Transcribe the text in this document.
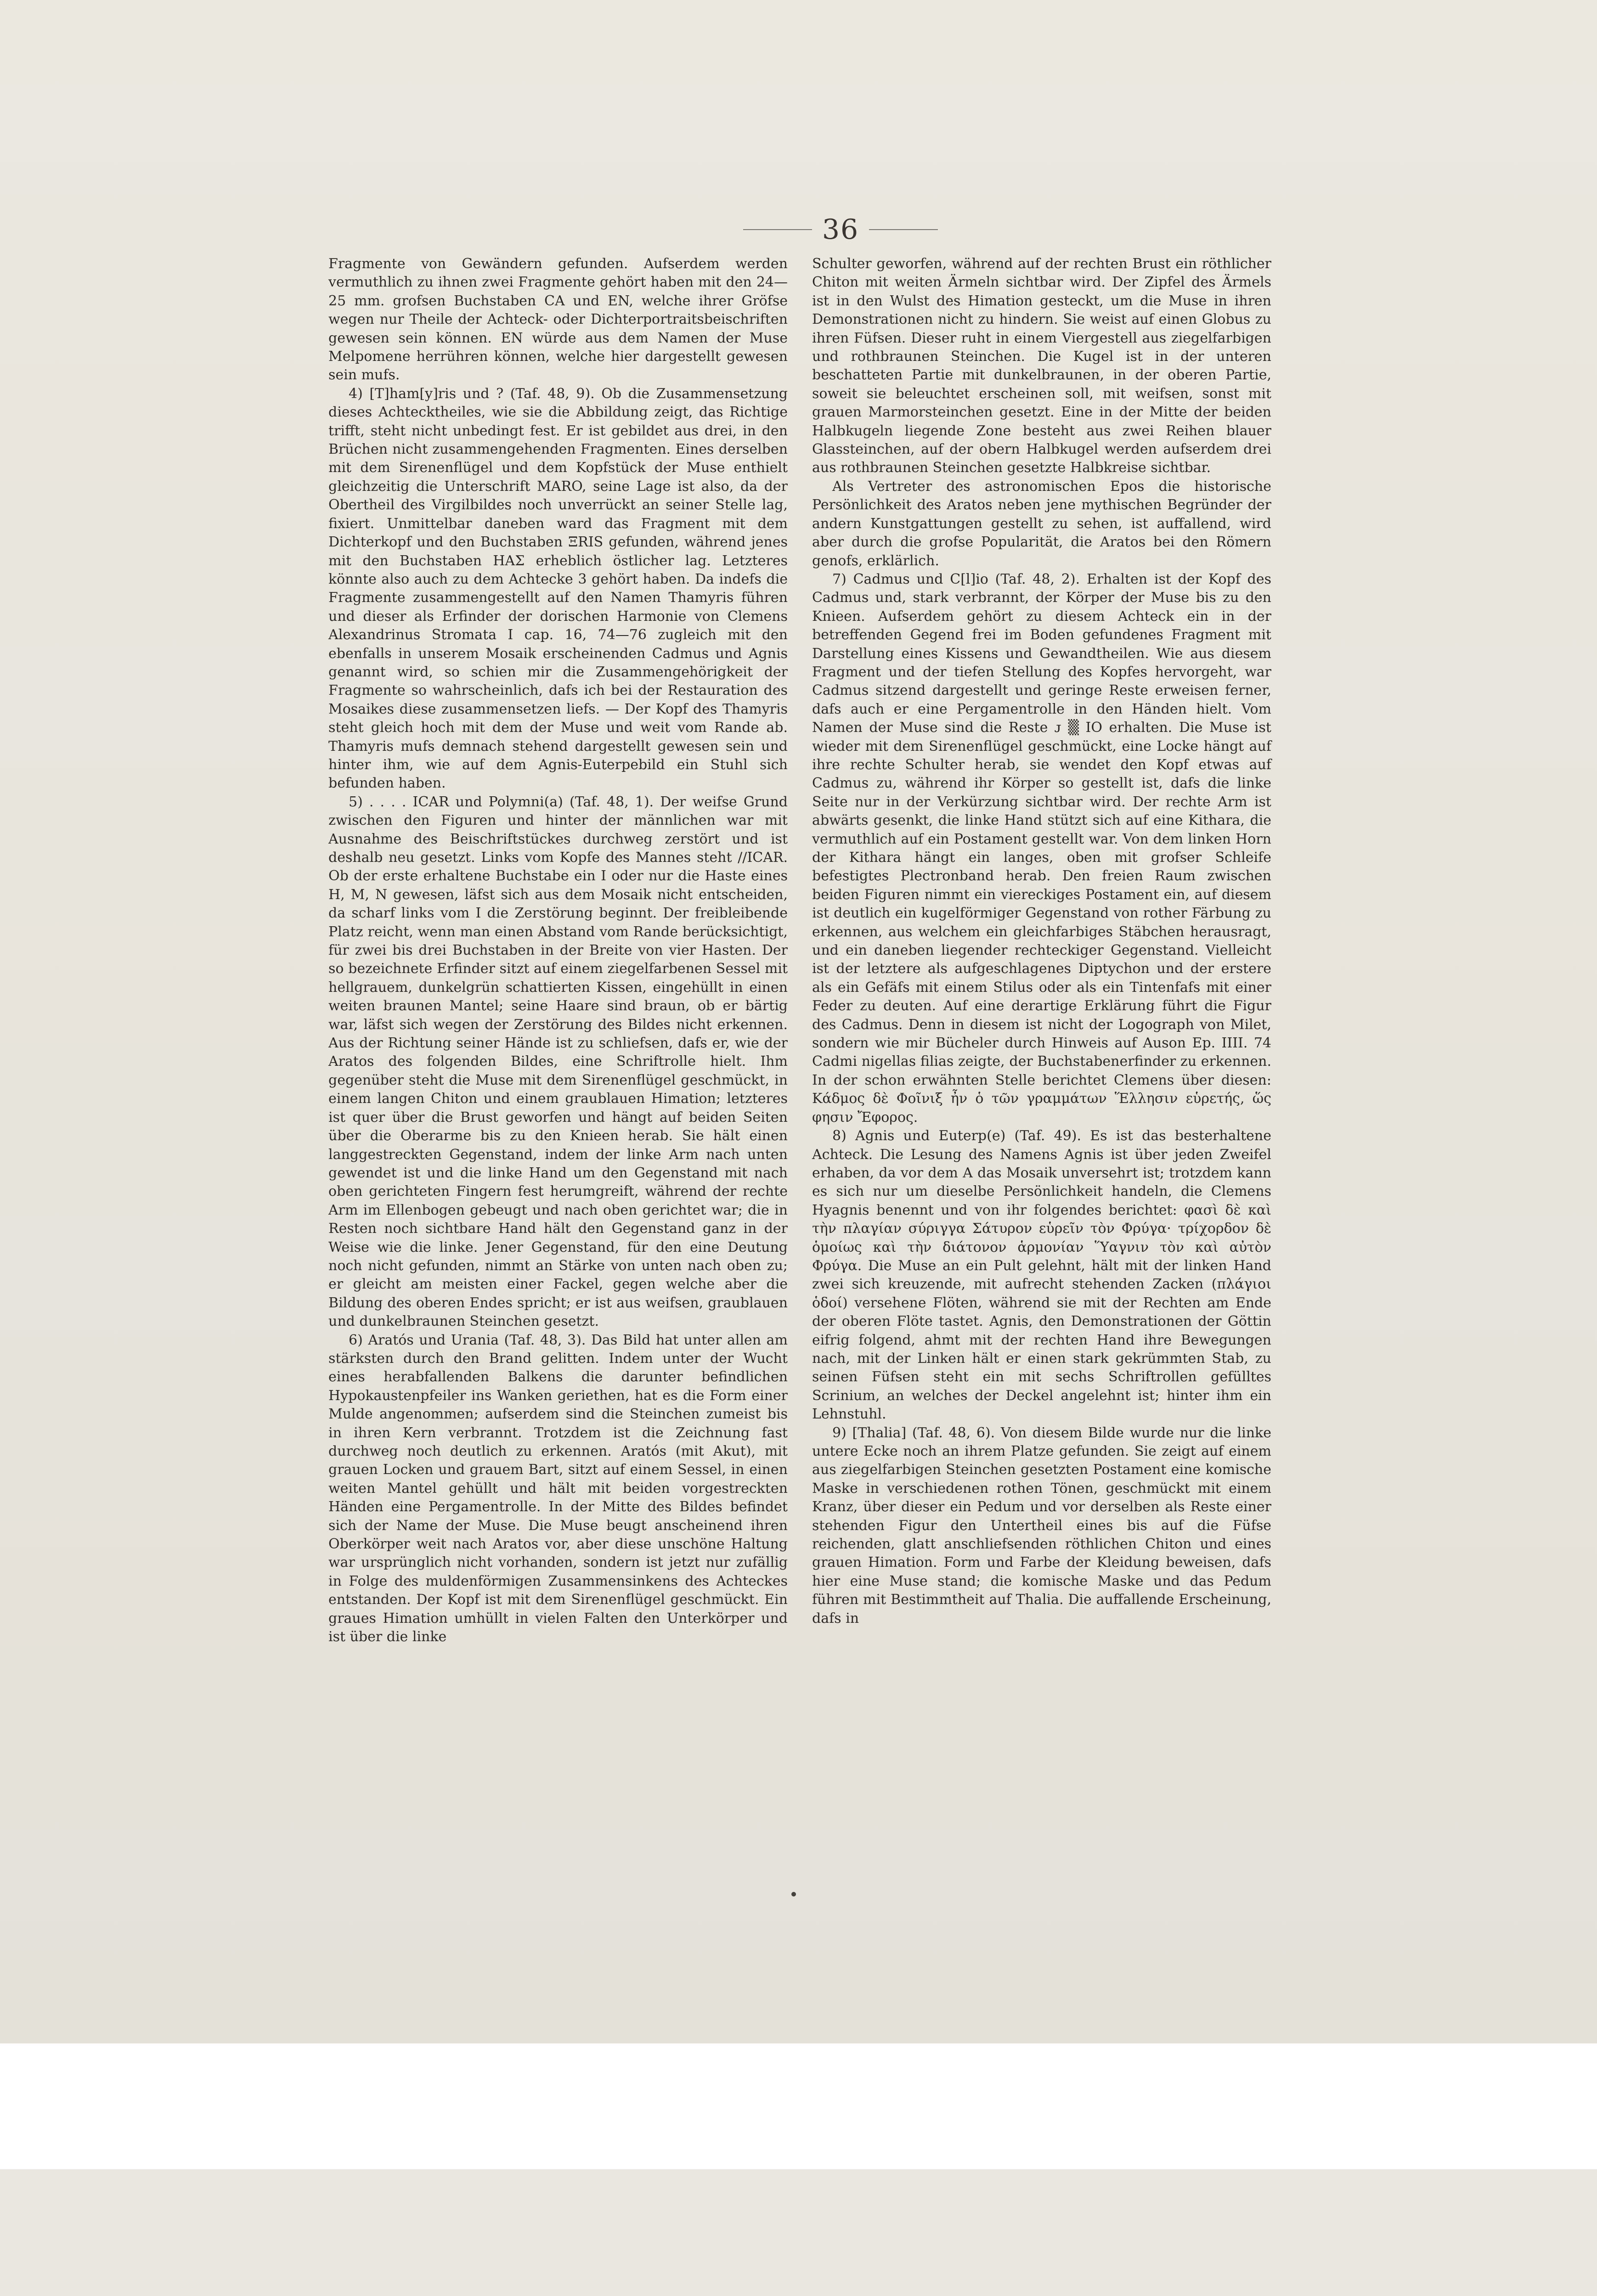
36

Fragmente von Gewändern gefunden. Aufserdem werden vermuthlich zu ihnen zwei Fragmente gehört haben mit den 24—25 mm. grofsen Buchstaben CA und EN, welche ihrer Gröfse wegen nur Theile der Achteck- oder Dichterportraitsbeischriften gewesen sein können. EN würde aus dem Namen der Muse Melpomene herrühren können, welche hier dargestellt gewesen sein mufs.

4) [T]ham[y]ris und ? (Taf. 48, 9). Ob die Zusammensetzung dieses Achtecktheiles, wie sie die Abbildung zeigt, das Richtige trifft, steht nicht unbedingt fest. Er ist gebildet aus drei, in den Brüchen nicht zusammengehenden Fragmenten. Eines derselben mit dem Sirenenflügel und dem Kopfstück der Muse enthielt gleichzeitig die Unterschrift MARO, seine Lage ist also, da der Obertheil des Virgilbildes noch unverrückt an seiner Stelle lag, fixiert. Unmittelbar daneben ward das Fragment mit dem Dichterkopf und den Buchstaben ΞRIS gefunden, während jenes mit den Buchstaben ΗΑΣ erheblich östlicher lag. Letzteres könnte also auch zu dem Achtecke 3 gehört haben. Da indefs die Fragmente zusammengestellt auf den Namen Thamyris führen und dieser als Erfinder der dorischen Harmonie von Clemens Alexandrinus Stromata I cap. 16, 74—76 zugleich mit den ebenfalls in unserem Mosaik erscheinenden Cadmus und Agnis genannt wird, so schien mir die Zusammengehörigkeit der Fragmente so wahrscheinlich, dafs ich bei der Restauration des Mosaikes diese zusammensetzen liefs. — Der Kopf des Thamyris steht gleich hoch mit dem der Muse und weit vom Rande ab. Thamyris mufs demnach stehend dargestellt gewesen sein und hinter ihm, wie auf dem Agnis-Euterpebild ein Stuhl sich befunden haben.

5) . . . . ICAR und Polymni(a) (Taf. 48, 1). Der weifse Grund zwischen den Figuren und hinter der männlichen war mit Ausnahme des Beischriftstückes durchweg zerstört und ist deshalb neu gesetzt. Links vom Kopfe des Mannes steht //ICAR. Ob der erste erhaltene Buchstabe ein I oder nur die Haste eines H, M, N gewesen, läfst sich aus dem Mosaik nicht entscheiden, da scharf links vom I die Zerstörung beginnt. Der freibleibende Platz reicht, wenn man einen Abstand vom Rande berücksichtigt, für zwei bis drei Buchstaben in der Breite von vier Hasten. Der so bezeichnete Erfinder sitzt auf einem ziegelfarbenen Sessel mit hellgrauem, dunkelgrün schattierten Kissen, eingehüllt in einen weiten braunen Mantel; seine Haare sind braun, ob er bärtig war, läfst sich wegen der Zerstörung des Bildes nicht erkennen. Aus der Richtung seiner Hände ist zu schliefsen, dafs er, wie der Aratos des folgenden Bildes, eine Schriftrolle hielt. Ihm gegenüber steht die Muse mit dem Sirenenflügel geschmückt, in einem langen Chiton und einem graublauen Himation; letzteres ist quer über die Brust geworfen und hängt auf beiden Seiten über die Oberarme bis zu den Knieen herab. Sie hält einen langgestreckten Gegenstand, indem der linke Arm nach unten gewendet ist und die linke Hand um den Gegenstand mit nach oben gerichteten Fingern fest herumgreift, während der rechte Arm im Ellenbogen gebeugt und nach oben gerichtet war; die in Resten noch sichtbare Hand hält den Gegenstand ganz in der Weise wie die linke. Jener Gegenstand, für den eine Deutung noch nicht gefunden, nimmt an Stärke von unten nach oben zu; er gleicht am meisten einer Fackel, gegen welche aber die Bildung des oberen Endes spricht; er ist aus weifsen, graublauen und dunkelbraunen Steinchen gesetzt.

6) Aratós und Urania (Taf. 48, 3). Das Bild hat unter allen am stärksten durch den Brand gelitten. Indem unter der Wucht eines herabfallenden Balkens die darunter befindlichen Hypokaustenpfeiler ins Wanken geriethen, hat es die Form einer Mulde angenommen; aufserdem sind die Steinchen zumeist bis in ihren Kern verbrannt. Trotzdem ist die Zeichnung fast durchweg noch deutlich zu erkennen. Aratós (mit Akut), mit grauen Locken und grauem Bart, sitzt auf einem Sessel, in einen weiten Mantel gehüllt und hält mit beiden vorgestreckten Händen eine Pergamentrolle. In der Mitte des Bildes befindet sich der Name der Muse. Die Muse beugt anscheinend ihren Oberkörper weit nach Aratos vor, aber diese unschöne Haltung war ursprünglich nicht vorhanden, sondern ist jetzt nur zufällig in Folge des muldenförmigen Zusammensinkens des Achteckes entstanden. Der Kopf ist mit dem Sirenenflügel geschmückt. Ein graues Himation umhüllt in vielen Falten den Unterkörper und ist über die linke

Schulter geworfen, während auf der rechten Brust ein röthlicher Chiton mit weiten Ärmeln sichtbar wird. Der Zipfel des Ärmels ist in den Wulst des Himation gesteckt, um die Muse in ihren Demonstrationen nicht zu hindern. Sie weist auf einen Globus zu ihren Füfsen. Dieser ruht in einem Viergestell aus ziegelfarbigen und rothbraunen Steinchen. Die Kugel ist in der unteren beschatteten Partie mit dunkelbraunen, in der oberen Partie, soweit sie beleuchtet erscheinen soll, mit weifsen, sonst mit grauen Marmorsteinchen gesetzt. Eine in der Mitte der beiden Halbkugeln liegende Zone besteht aus zwei Reihen blauer Glassteinchen, auf der obern Halbkugel werden aufserdem drei aus rothbraunen Steinchen gesetzte Halbkreise sichtbar.

Als Vertreter des astronomischen Epos die historische Persönlichkeit des Aratos neben jene mythischen Begründer der andern Kunstgattungen gestellt zu sehen, ist auffallend, wird aber durch die grofse Popularität, die Aratos bei den Römern genofs, erklärlich.

7) Cadmus und C[l]io (Taf. 48, 2). Erhalten ist der Kopf des Cadmus und, stark verbrannt, der Körper der Muse bis zu den Knieen. Aufserdem gehört zu diesem Achteck ein in der betreffenden Gegend frei im Boden gefundenes Fragment mit Darstellung eines Kissens und Gewandtheilen. Wie aus diesem Fragment und der tiefen Stellung des Kopfes hervorgeht, war Cadmus sitzend dargestellt und geringe Reste erweisen ferner, dafs auch er eine Pergamentrolle in den Händen hielt. Vom Namen der Muse sind die Reste ᴊ ▒ IO erhalten. Die Muse ist wieder mit dem Sirenenflügel geschmückt, eine Locke hängt auf ihre rechte Schulter herab, sie wendet den Kopf etwas auf Cadmus zu, während ihr Körper so gestellt ist, dafs die linke Seite nur in der Verkürzung sichtbar wird. Der rechte Arm ist abwärts gesenkt, die linke Hand stützt sich auf eine Kithara, die vermuthlich auf ein Postament gestellt war. Von dem linken Horn der Kithara hängt ein langes, oben mit grofser Schleife befestigtes Plectronband herab. Den freien Raum zwischen beiden Figuren nimmt ein viereckiges Postament ein, auf diesem ist deutlich ein kugelförmiger Gegenstand von rother Färbung zu erkennen, aus welchem ein gleichfarbiges Stäbchen herausragt, und ein daneben liegender rechteckiger Gegenstand. Vielleicht ist der letztere als aufgeschlagenes Diptychon und der erstere als ein Gefäfs mit einem Stilus oder als ein Tintenfafs mit einer Feder zu deuten. Auf eine derartige Erklärung führt die Figur des Cadmus. Denn in diesem ist nicht der Logograph von Milet, sondern wie mir Bücheler durch Hinweis auf Auson Ep. IIII. 74 Cadmi nigellas filias zeigte, der Buchstabenerfinder zu erkennen. In der schon erwähnten Stelle berichtet Clemens über diesen: Κάδμος δὲ Φοῖνιξ ἦν ὁ τῶν γραμμάτων Ἕλλησιν εὑρετής, ὥς φησιν Ἔφορος.

8) Agnis und Euterp(e) (Taf. 49). Es ist das besterhaltene Achteck. Die Lesung des Namens Agnis ist über jeden Zweifel erhaben, da vor dem A das Mosaik unversehrt ist; trotzdem kann es sich nur um dieselbe Persönlichkeit handeln, die Clemens Hyagnis benennt und von ihr folgendes berichtet: φασὶ δὲ καὶ τὴν πλαγίαν σύριγγα Σάτυρον εὑρεῖν τὸν Φρύγα· τρίχορδον δὲ ὁμοίως καὶ τὴν διάτονον ἁρμονίαν Ὕαγνιν τὸν καὶ αὐτὸν Φρύγα. Die Muse an ein Pult gelehnt, hält mit der linken Hand zwei sich kreuzende, mit aufrecht stehenden Zacken (πλάγιοι ὁδοί) versehene Flöten, während sie mit der Rechten am Ende der oberen Flöte tastet. Agnis, den Demonstrationen der Göttin eifrig folgend, ahmt mit der rechten Hand ihre Bewegungen nach, mit der Linken hält er einen stark gekrümmten Stab, zu seinen Füfsen steht ein mit sechs Schriftrollen gefülltes Scrinium, an welches der Deckel angelehnt ist; hinter ihm ein Lehnstuhl.

9) [Thalia] (Taf. 48, 6). Von diesem Bilde wurde nur die linke untere Ecke noch an ihrem Platze gefunden. Sie zeigt auf einem aus ziegelfarbigen Steinchen gesetzten Postament eine komische Maske in verschiedenen rothen Tönen, geschmückt mit einem Kranz, über dieser ein Pedum und vor derselben als Reste einer stehenden Figur den Untertheil eines bis auf die Füfse reichenden, glatt anschliefsenden röthlichen Chiton und eines grauen Himation. Form und Farbe der Kleidung beweisen, dafs hier eine Muse stand; die komische Maske und das Pedum führen mit Bestimmtheit auf Thalia. Die auffallende Erscheinung, dafs in
